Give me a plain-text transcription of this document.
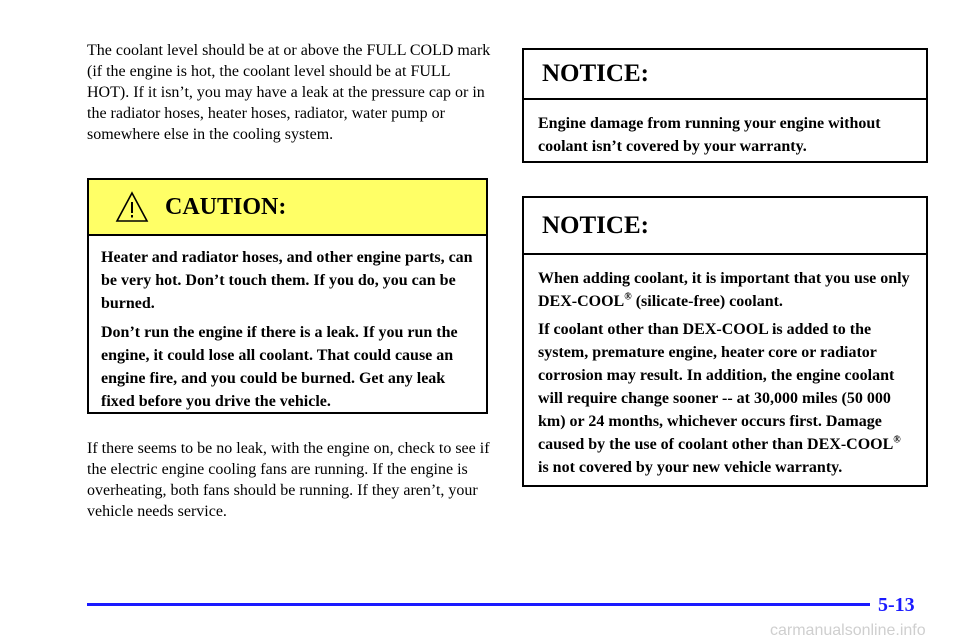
The coolant level should be at or above the FULL COLD mark (if the engine is hot, the coolant level should be at FULL HOT). If it isn’t, you may have a leak at the pressure cap or in the radiator hoses, heater hoses, radiator, water pump or somewhere else in the cooling system.

CAUTION:

Heater and radiator hoses, and other engine parts, can be very hot. Don’t touch them. If you do, you can be burned.

Don’t run the engine if there is a leak. If you run the engine, it could lose all coolant. That could cause an engine fire, and you could be burned. Get any leak fixed before you drive the vehicle.

If there seems to be no leak, with the engine on, check to see if the electric engine cooling fans are running. If the engine is overheating, both fans should be running. If they aren’t, your vehicle needs service.

NOTICE:

Engine damage from running your engine without coolant isn’t covered by your warranty.

NOTICE:

When adding coolant, it is important that you use only DEX-COOL® (silicate-free) coolant.

If coolant other than DEX-COOL is added to the system, premature engine, heater core or radiator corrosion may result. In addition, the engine coolant will require change sooner -- at 30,000 miles (50 000 km) or 24 months, whichever occurs first. Damage caused by the use of coolant other than DEX-COOL® is not covered by your new vehicle warranty.

5-13
carmanualsonline.info
